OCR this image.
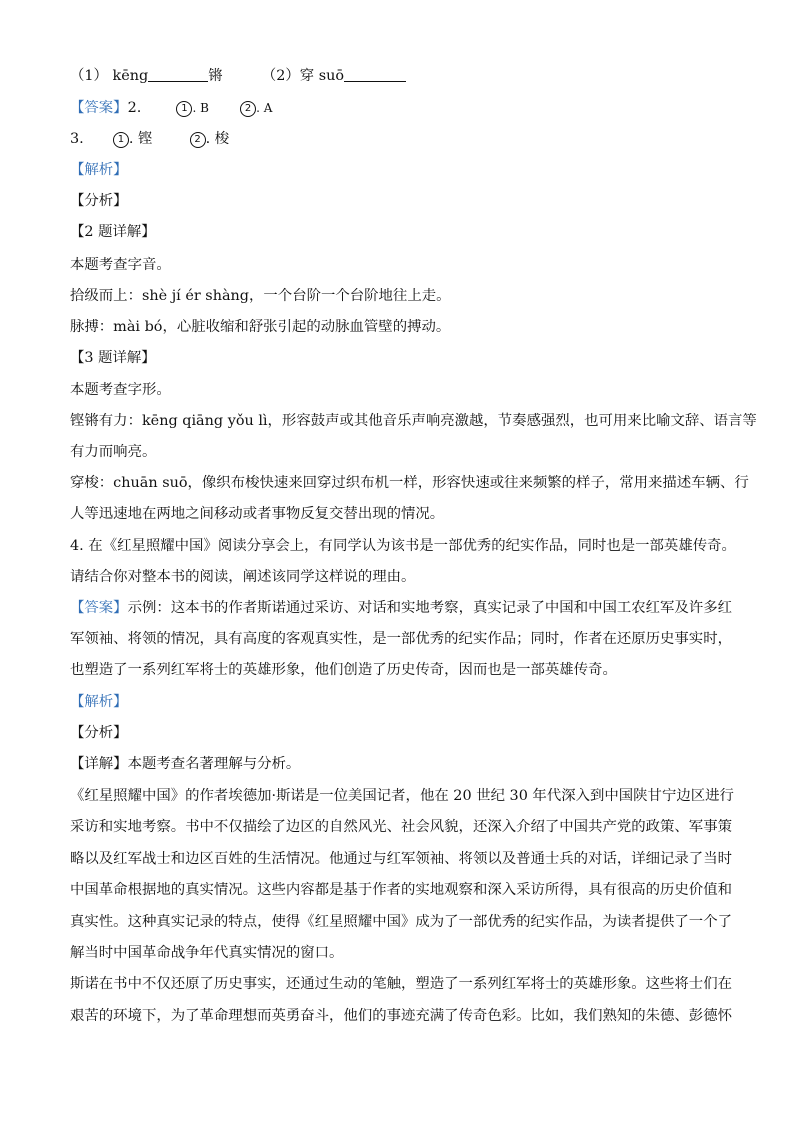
（1） kēng	锵	（2）穿 suō
【答案】2.	1 . B	2 . A
3.	1 . 铿	2 . 梭
【解析】
【分析】
【2 题详解】
本题考查字音。
拾级而上：shè jí ér shàng，一个台阶一个台阶地往上走。
脉搏：mài bó，心脏收缩和舒张引起的动脉血管壁的搏动。
【3 题详解】
本题考查字形。
铿锵有力：kēng qiāng yǒu lì，形容鼓声或其他音乐声响亮激越，节奏感强烈，也可用来比喻文辞、语言等
有力而响亮。
穿梭：chuān suō，像织布梭快速来回穿过织布机一样，形容快速或往来频繁的样子，常用来描述车辆、行
人等迅速地在两地之间移动或者事物反复交替出现的情况。
4. 在《红星照耀中国》阅读分享会上，有同学认为该书是一部优秀的纪实作品，同时也是一部英雄传奇。
请结合你对整本书的阅读，阐述该同学这样说的理由。
【答案】示例：这本书的作者斯诺通过采访、对话和实地考察，真实记录了中国和中国工农红军及许多红
军领袖、将领的情况，具有高度的客观真实性，是一部优秀的纪实作品；同时，作者在还原历史事实时，
也塑造了一系列红军将士的英雄形象，他们创造了历史传奇，因而也是一部英雄传奇。
【解析】
【分析】
【详解】本题考查名著理解与分析。
《红星照耀中国》的作者埃德加·斯诺是一位美国记者，他在 20 世纪 30 年代深入到中国陕甘宁边区进行
采访和实地考察。书中不仅描绘了边区的自然风光、社会风貌，还深入介绍了中国共产党的政策、军事策
略以及红军战士和边区百姓的生活情况。他通过与红军领袖、将领以及普通士兵的对话，详细记录了当时
中国革命根据地的真实情况。这些内容都是基于作者的实地观察和深入采访所得，具有很高的历史价值和
真实性。这种真实记录的特点，使得《红星照耀中国》成为了一部优秀的纪实作品，为读者提供了一个了
解当时中国革命战争年代真实情况的窗口。
斯诺在书中不仅还原了历史事实，还通过生动的笔触，塑造了一系列红军将士的英雄形象。这些将士们在
艰苦的环境下，为了革命理想而英勇奋斗，他们的事迹充满了传奇色彩。比如，我们熟知的朱德、彭德怀
